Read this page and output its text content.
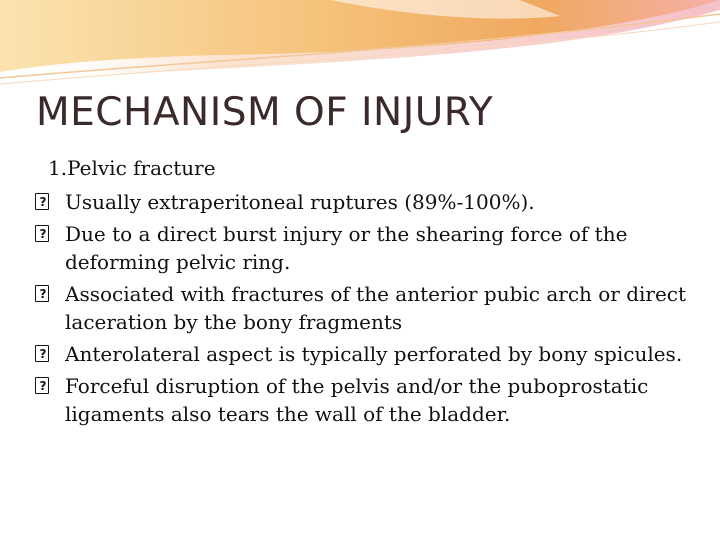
MECHANISM OF INJURY
1.Pelvic fracture
? Usually extraperitoneal ruptures (89%-100%).
? Due to a direct burst injury or the shearing force of the deforming pelvic ring.
? Associated with fractures of the anterior pubic arch or direct laceration by the bony fragments
? Anterolateral aspect is typically perforated by bony spicules.
? Forceful disruption of the pelvis and/or the puboprostatic ligaments also tears the wall of the bladder.
